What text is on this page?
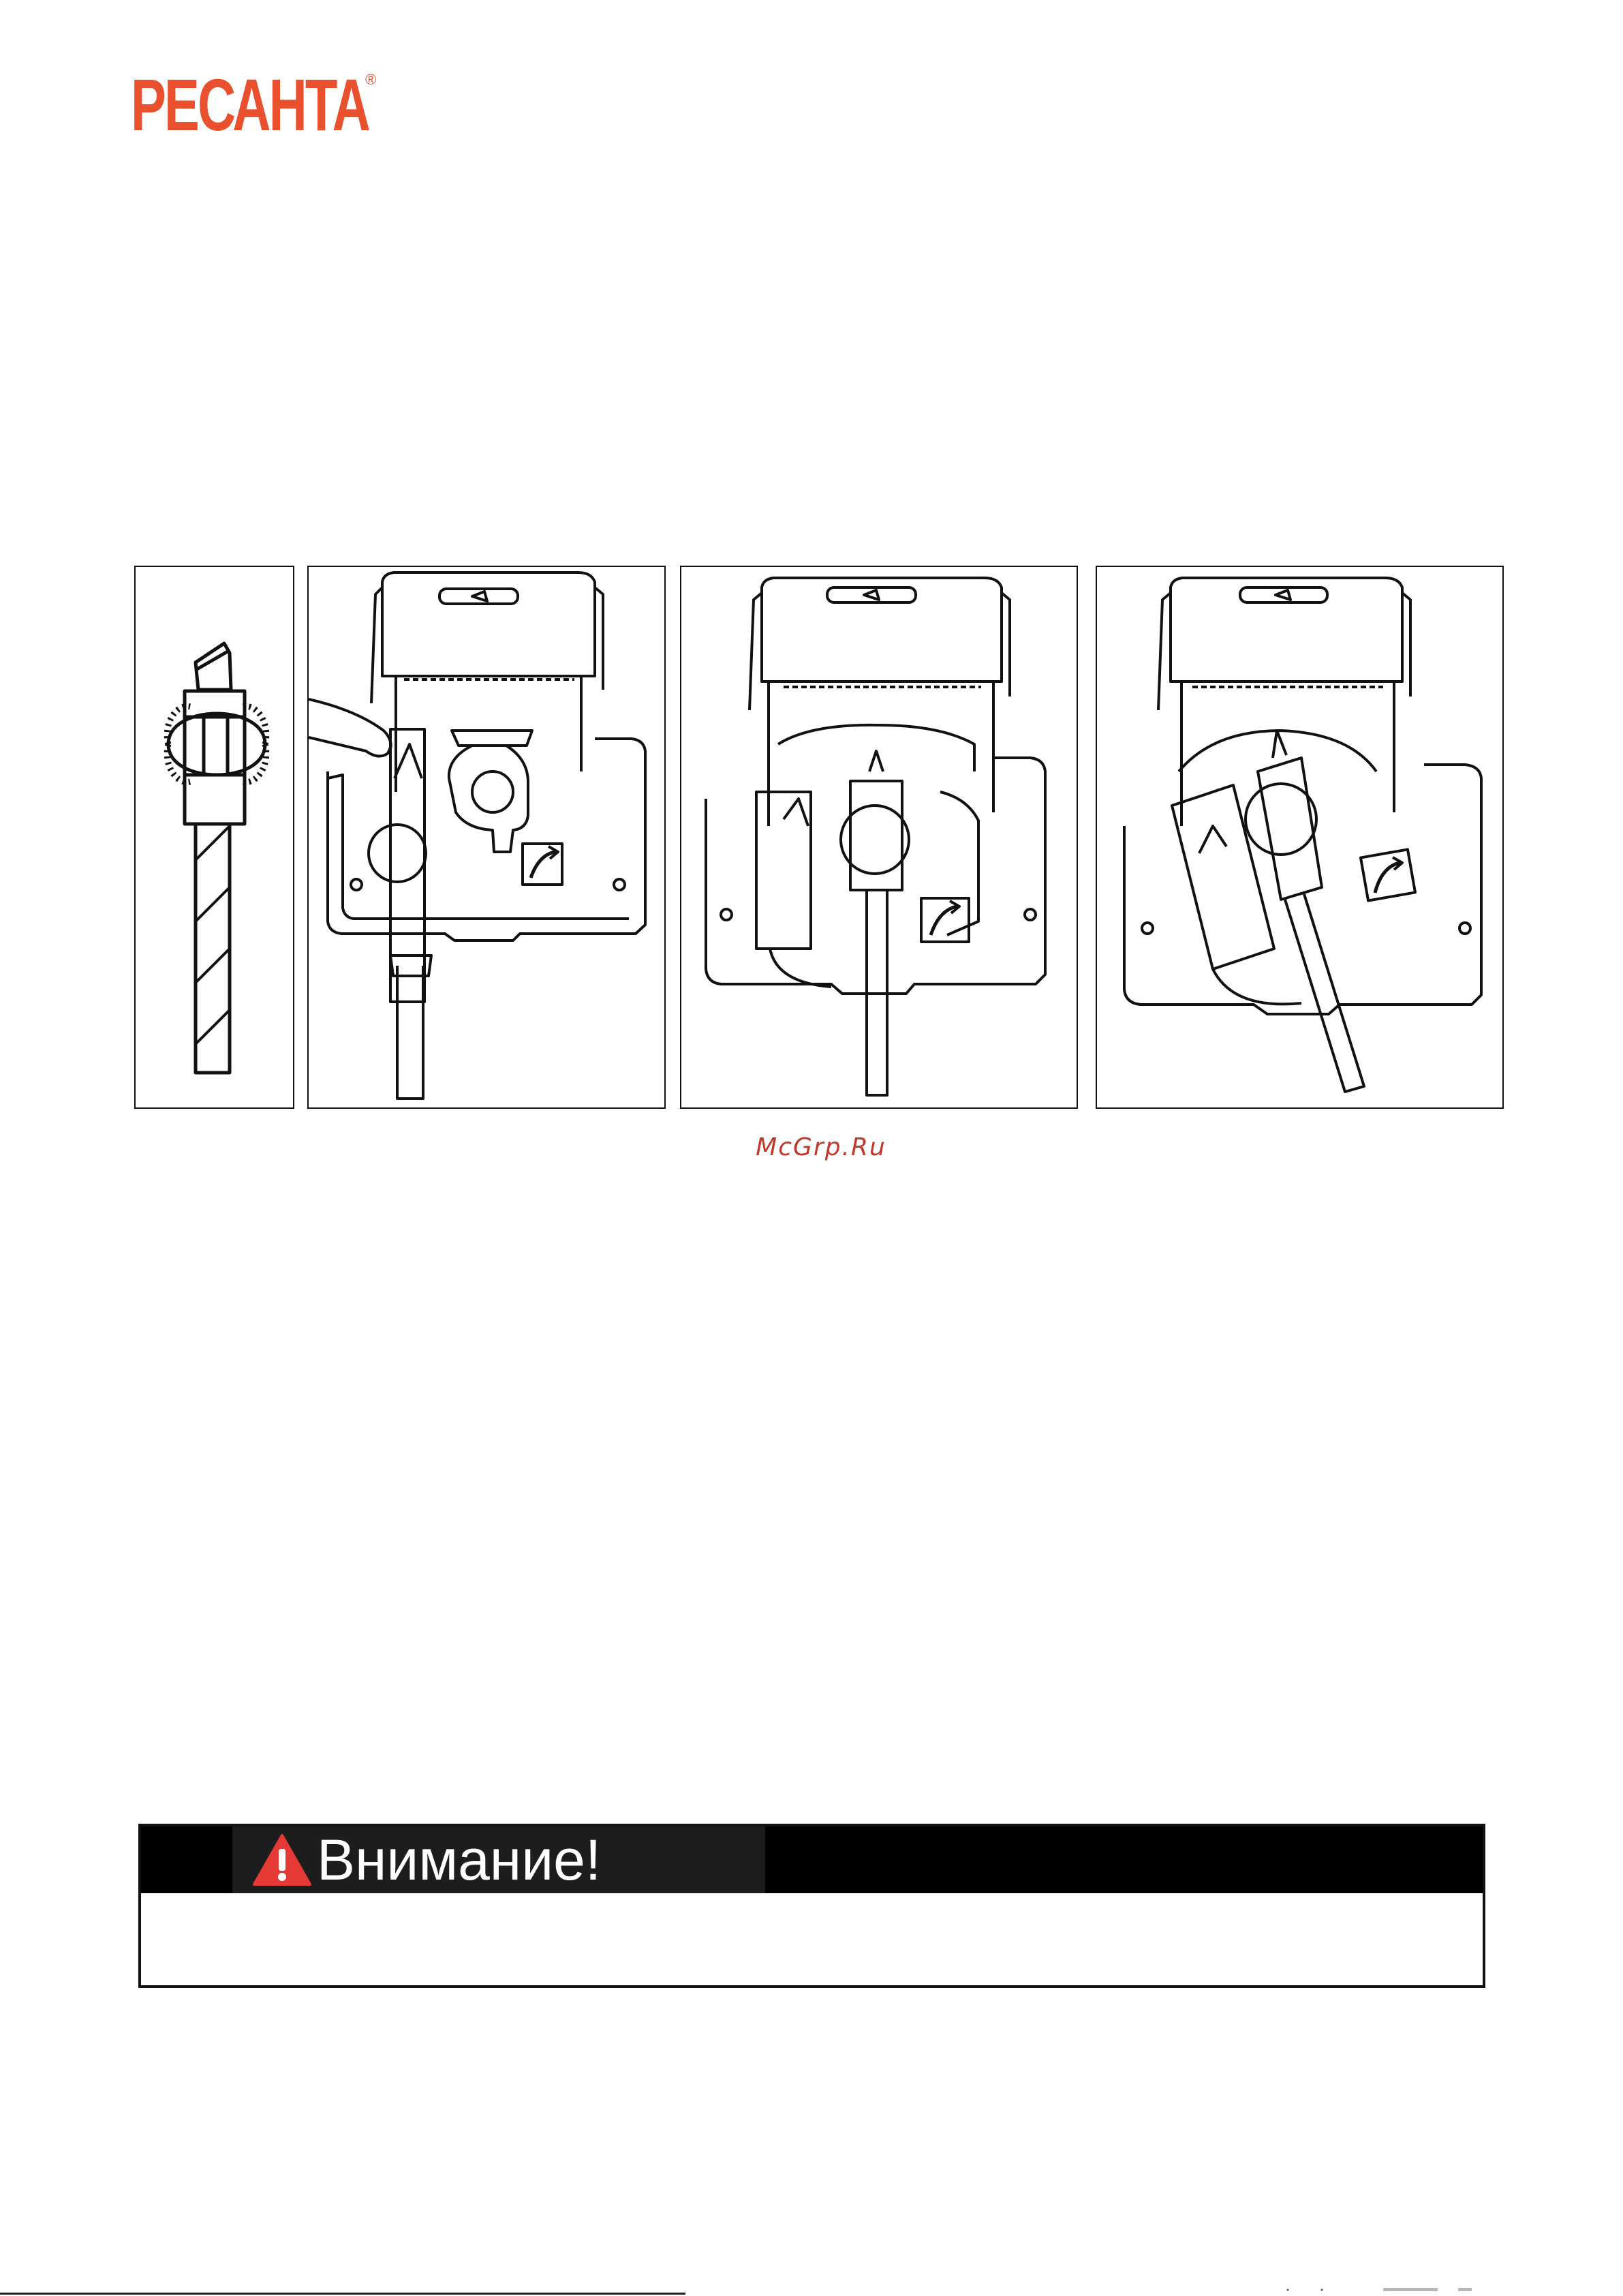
РЕСАНТА
®
McGrp.Ru
Внимание!
